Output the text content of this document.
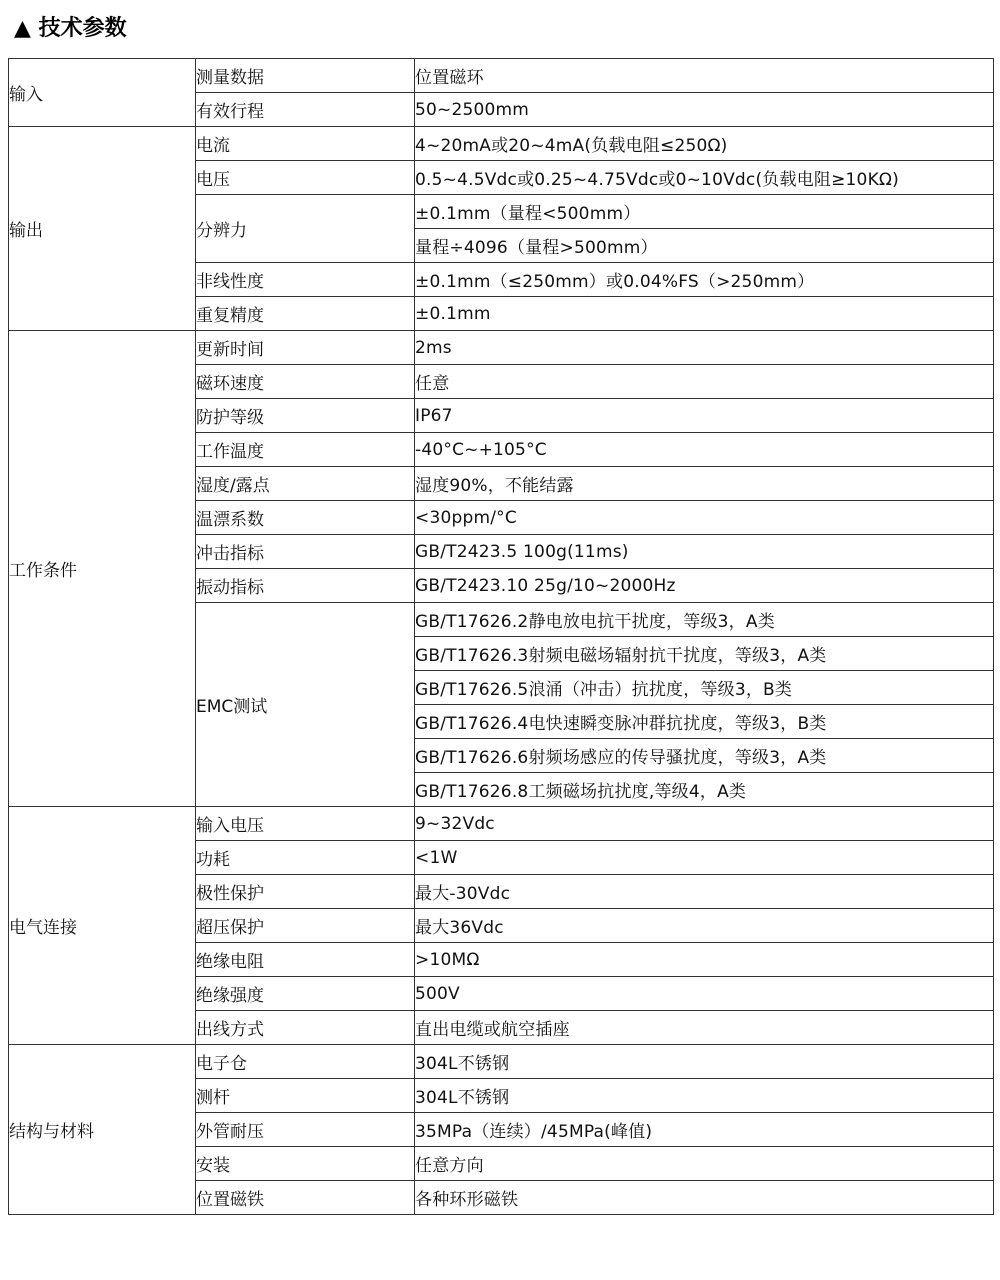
▲ 技术参数
输入	测量数据	位置磁环
	有效行程	50~2500mm
输出	电流	4~20mA或20~4mA(负载电阻≤250Ω)
	电压	0.5~4.5Vdc或0.25~4.75Vdc或0~10Vdc(负载电阻≥10KΩ)
	分辨力	±0.1mm（量程<500mm）
		量程÷4096（量程>500mm）
	非线性度	±0.1mm（≤250mm）或0.04%FS（>250mm）
	重复精度	±0.1mm
工作条件	更新时间	2ms
	磁环速度	任意
	防护等级	IP67
	工作温度	-40°C~+105°C
	湿度/露点	湿度90%，不能结露
	温漂系数	<30ppm/°C
	冲击指标	GB/T2423.5 100g(11ms)
	振动指标	GB/T2423.10 25g/10~2000Hz
	EMC测试	GB/T17626.2静电放电抗干扰度，等级3，A类
		GB/T17626.3射频电磁场辐射抗干扰度，等级3，A类
		GB/T17626.5浪涌（冲击）抗扰度，等级3，B类
		GB/T17626.4电快速瞬变脉冲群抗扰度，等级3，B类
		GB/T17626.6射频场感应的传导骚扰度，等级3，A类
		GB/T17626.8工频磁场抗扰度,等级4，A类
电气连接	输入电压	9~32Vdc
	功耗	<1W
	极性保护	最大-30Vdc
	超压保护	最大36Vdc
	绝缘电阻	>10MΩ
	绝缘强度	500V
	出线方式	直出电缆或航空插座
结构与材料	电子仓	304L不锈钢
	测杆	304L不锈钢
	外管耐压	35MPa（连续）/45MPa(峰值)
	安装	任意方向
	位置磁铁	各种环形磁铁
